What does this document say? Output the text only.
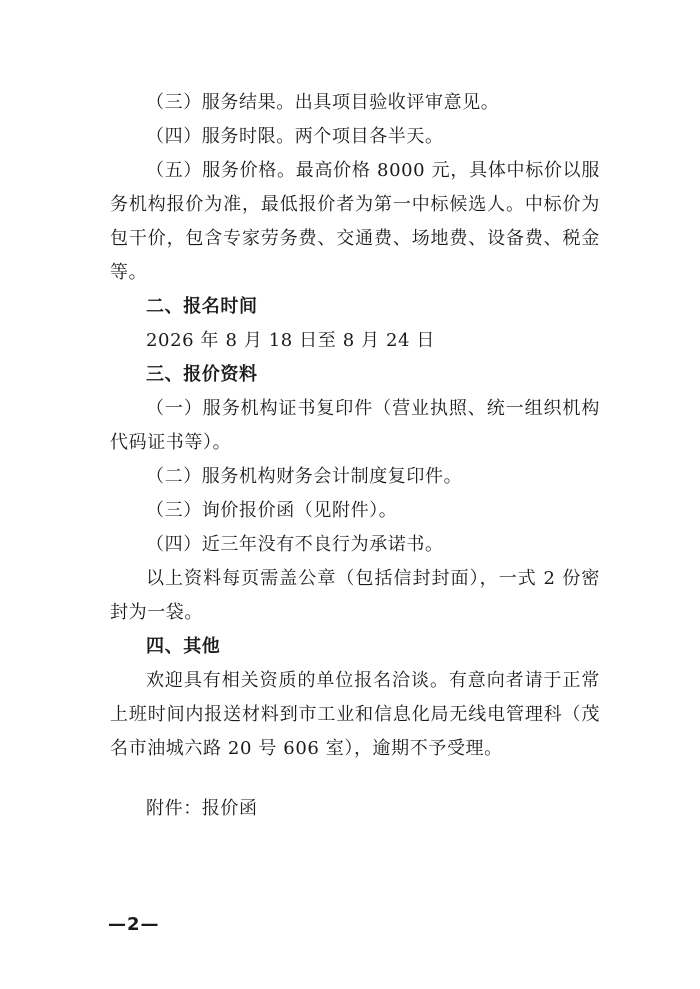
（三）服务结果。出具项目验收评审意见。

（四）服务时限。两个项目各半天。

（五）服务价格。最高价格 8000 元，具体中标价以服务机构报价为准，最低报价者为第一中标候选人。中标价为包干价，包含专家劳务费、交通费、场地费、设备费、税金等。

二、报名时间

2026 年 8 月 18 日至 8 月 24 日

三、报价资料

（一）服务机构证书复印件（营业执照、统一组织机构代码证书等）。

（二）服务机构财务会计制度复印件。

（三）询价报价函（见附件）。

（四）近三年没有不良行为承诺书。

以上资料每页需盖公章（包括信封封面），一式 2 份密封为一袋。

四、其他

欢迎具有相关资质的单位报名洽谈。有意向者请于正常上班时间内报送材料到市工业和信息化局无线电管理科（茂名市油城六路 20 号 606 室），逾期不予受理。

附件：报价函

—2—
